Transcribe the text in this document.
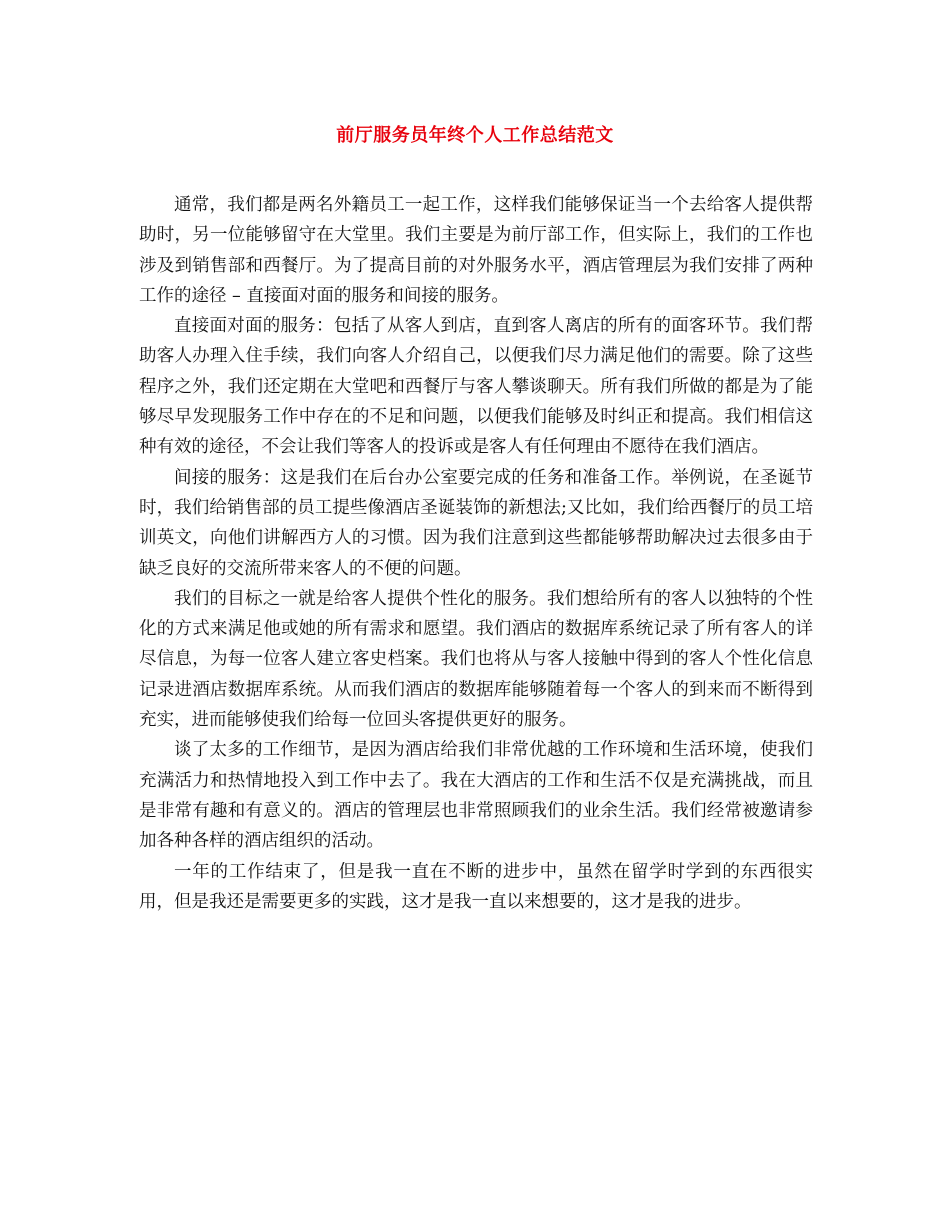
前厅服务员年终个人工作总结范文

通常，我们都是两名外籍员工一起工作，这样我们能够保证当一个去给客人提供帮助时，另一位能够留守在大堂里。我们主要是为前厅部工作，但实际上，我们的工作也涉及到销售部和西餐厅。为了提高目前的对外服务水平，酒店管理层为我们安排了两种工作的途径 – 直接面对面的服务和间接的服务。

直接面对面的服务：包括了从客人到店，直到客人离店的所有的面客环节。我们帮助客人办理入住手续，我们向客人介绍自己，以便我们尽力满足他们的需要。除了这些程序之外，我们还定期在大堂吧和西餐厅与客人攀谈聊天。所有我们所做的都是为了能够尽早发现服务工作中存在的不足和问题，以便我们能够及时纠正和提高。我们相信这种有效的途径，不会让我们等客人的投诉或是客人有任何理由不愿待在我们酒店。

间接的服务：这是我们在后台办公室要完成的任务和准备工作。举例说，在圣诞节时，我们给销售部的员工提些像酒店圣诞装饰的新想法;又比如，我们给西餐厅的员工培训英文，向他们讲解西方人的习惯。因为我们注意到这些都能够帮助解决过去很多由于缺乏良好的交流所带来客人的不便的问题。

我们的目标之一就是给客人提供个性化的服务。我们想给所有的客人以独特的个性化的方式来满足他或她的所有需求和愿望。我们酒店的数据库系统记录了所有客人的详尽信息，为每一位客人建立客史档案。我们也将从与客人接触中得到的客人个性化信息记录进酒店数据库系统。从而我们酒店的数据库能够随着每一个客人的到来而不断得到充实，进而能够使我们给每一位回头客提供更好的服务。

谈了太多的工作细节，是因为酒店给我们非常优越的工作环境和生活环境，使我们充满活力和热情地投入到工作中去了。我在大酒店的工作和生活不仅是充满挑战，而且是非常有趣和有意义的。酒店的管理层也非常照顾我们的业余生活。我们经常被邀请参加各种各样的酒店组织的活动。

一年的工作结束了，但是我一直在不断的进步中，虽然在留学时学到的东西很实用，但是我还是需要更多的实践，这才是我一直以来想要的，这才是我的进步。
